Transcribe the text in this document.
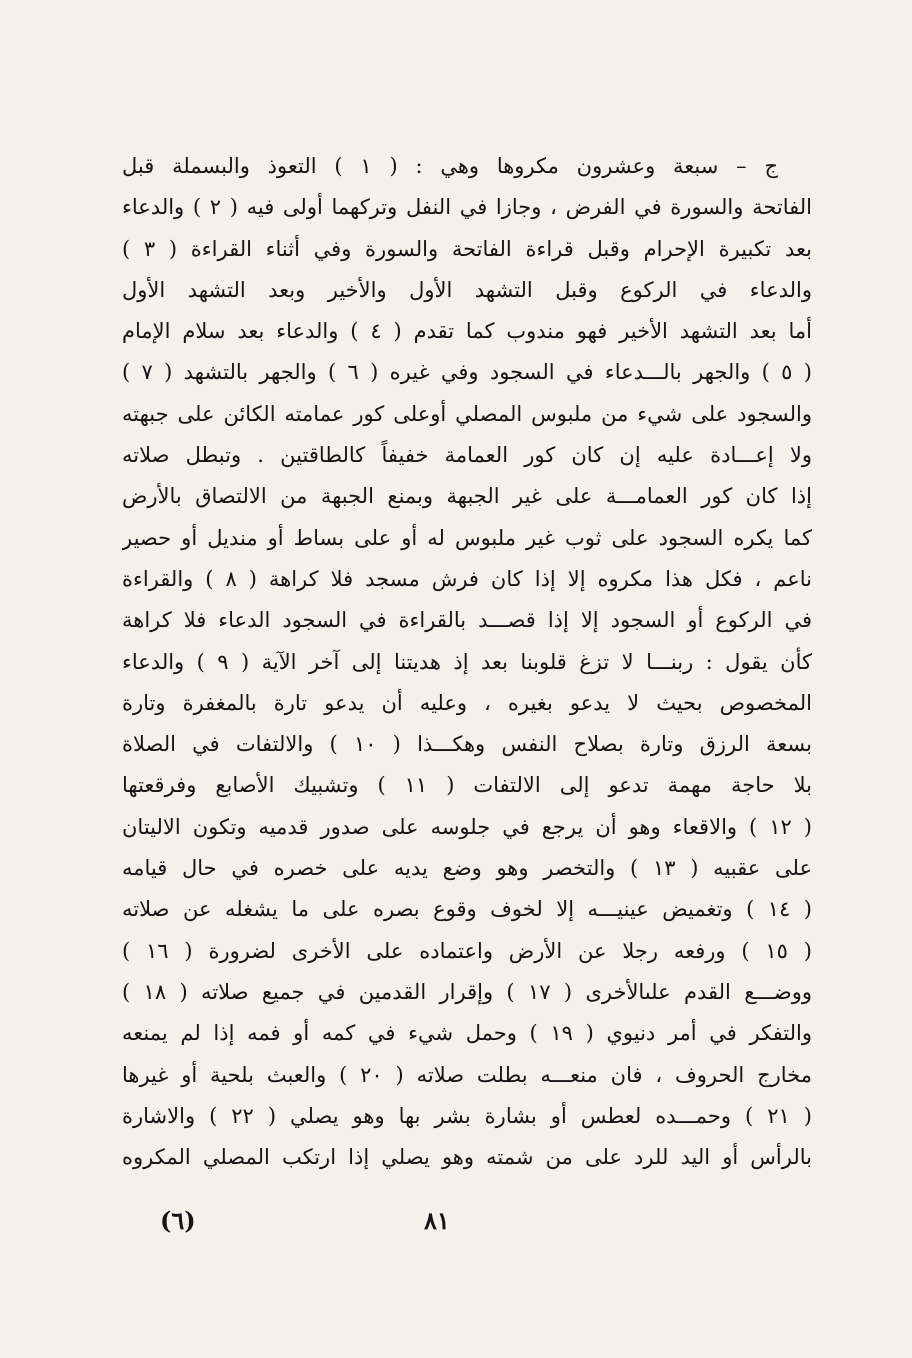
ج – سبعة وعشرون مكروها وهي : ( ١ ) التعوذ والبسملة قبل
الفاتحة والسورة في الفرض ، وجازا في النفل وتركهما أولى فيه ( ٢ ) والدعاء
بعد تكبيرة الإحرام وقبل قراءة الفاتحة والسورة وفي أثناء القراءة ( ٣ )
والدعاء في الركوع وقبل التشهد الأول والأخير وبعد التشهد الأول
أما بعد التشهد الأخير فهو مندوب كما تقدم ( ٤ ) والدعاء بعد سلام الإمام
( ٥ ) والجهر بالـــدعاء في السجود وفي غيره ( ٦ ) والجهر بالتشهد ( ٧ )
والسجود على شيء من ملبوس المصلي أوعلى كور عمامته الكائن على جبهته
ولا إعـــادة عليه إن كان كور العمامة خفيفاً كالطاقتين . وتبطل صلاته
إذا كان كور العمامـــة على غير الجبهة وبمنع الجبهة من الالتصاق بالأرض
كما يكره السجود على ثوب غير ملبوس له أو على بساط أو منديل أو حصير
ناعم ، فكل هذا مكروه إلا إذا كان فرش مسجد فلا كراهة ( ٨ ) والقراءة
في الركوع أو السجود إلا إذا قصـــد بالقراءة في السجود الدعاء فلا كراهة
كأن يقول : ربنـــا لا تزغ قلوبنا بعد إذ هديتنا إلى آخر الآية ( ٩ ) والدعاء
المخصوص بحيث لا يدعو بغيره ، وعليه أن يدعو تارة بالمغفرة وتارة
بسعة الرزق وتارة بصلاح النفس وهكـــذا ( ١٠ ) والالتفات في الصلاة
بلا حاجة مهمة تدعو إلى الالتفات ( ١١ ) وتشبيك الأصابع وفرقعتها
( ١٢ ) والاقعاء وهو أن يرجع في جلوسه على صدور قدميه وتكون الاليتان
على عقبيه ( ١٣ ) والتخصر وهو وضع يديه على خصره في حال قيامه
( ١٤ ) وتغميض عينيـــه إلا لخوف وقوع بصره على ما يشغله عن صلاته
( ١٥ ) ورفعه رجلا عن الأرض واعتماده على الأخرى لضرورة ( ١٦ )
ووضـــع القدم علىالأخرى ( ١٧ ) وإقرار القدمين في جميع صلاته ( ١٨ )
والتفكر في أمر دنيوي ( ١٩ ) وحمل شيء في كمه أو فمه إذا لم يمنعه
مخارج الحروف ، فان منعـــه بطلت صلاته ( ٢٠ ) والعبث بلحية أو غيرها
( ٢١ ) وحمـــده لعطس أو بشارة بشر بها وهو يصلي ( ٢٢ ) والاشارة
بالرأس أو اليد للرد على من شمته وهو يصلي إذا ارتكب المصلي المكروه
٨١
(٦)
